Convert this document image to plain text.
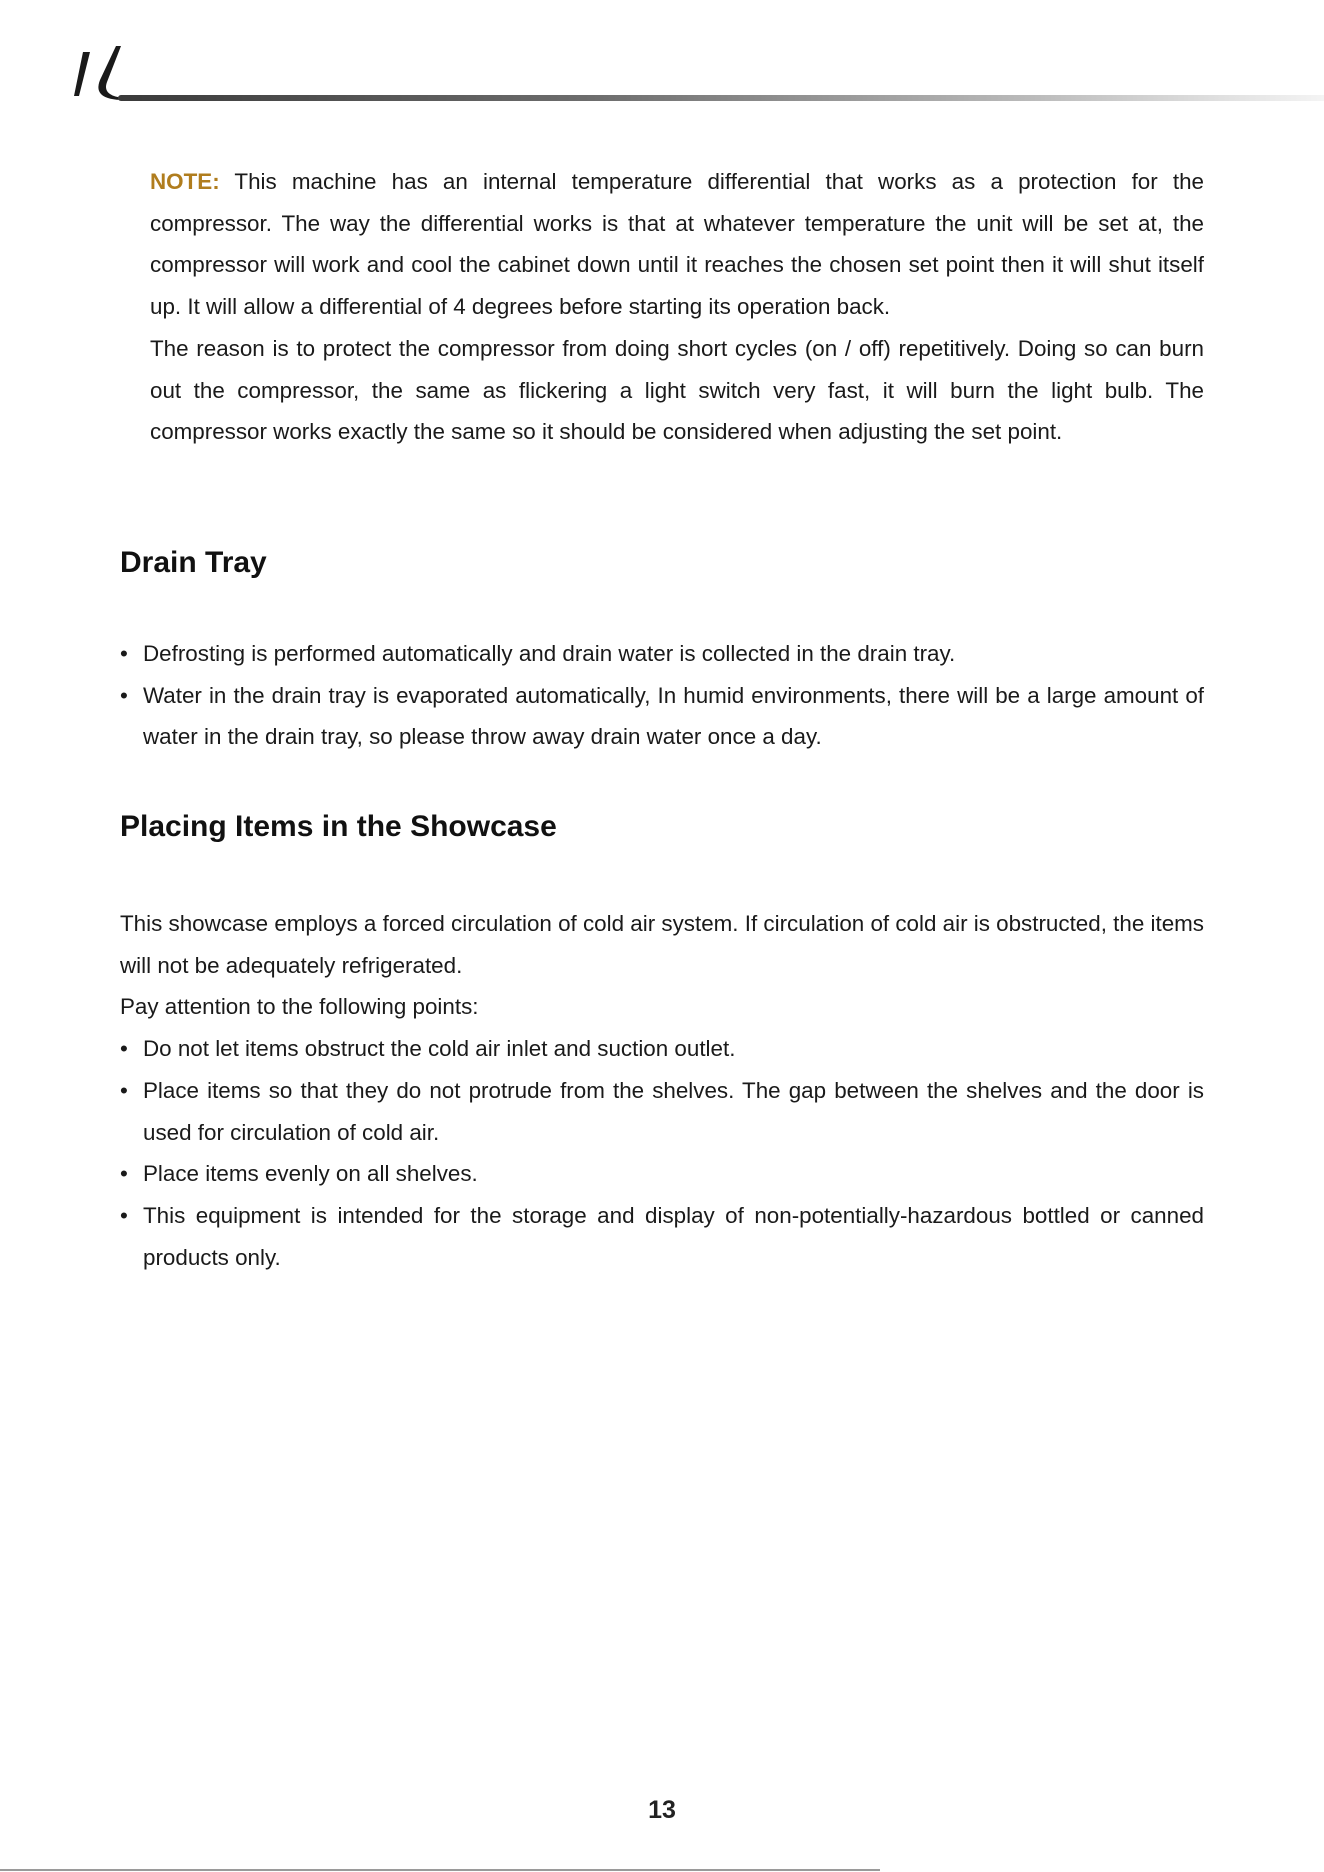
NOTE: This machine has an internal temperature differential that works as a protection for the compressor. The way the differential works is that at whatever temperature the unit will be set at, the compressor will work and cool the cabinet down until it reaches the chosen set point then it will shut itself up. It will allow a differential of 4 degrees before starting its operation back.

The reason is to protect the compressor from doing short cycles (on / off) repetitively. Doing so can burn out the compressor, the same as flickering a light switch very fast, it will burn the light bulb. The compressor works exactly the same so it should be considered when adjusting the set point.

Drain Tray
• Defrosting is performed automatically and drain water is collected in the drain tray.
• Water in the drain tray is evaporated automatically, In humid environments, there will be a large amount of water in the drain tray, so please throw away drain water once a day.
Placing Items in the Showcase

This showcase employs a forced circulation of cold air system. If circulation of cold air is obstructed, the items will not be adequately refrigerated.

Pay attention to the following points:

• Do not let items obstruct the cold air inlet and suction outlet.
• Place items so that they do not protrude from the shelves. The gap between the shelves and the door is used for circulation of cold air.
• Place items evenly on all shelves.
• This equipment is intended for the storage and display of non-potentially-hazardous bottled or canned products only.
13
